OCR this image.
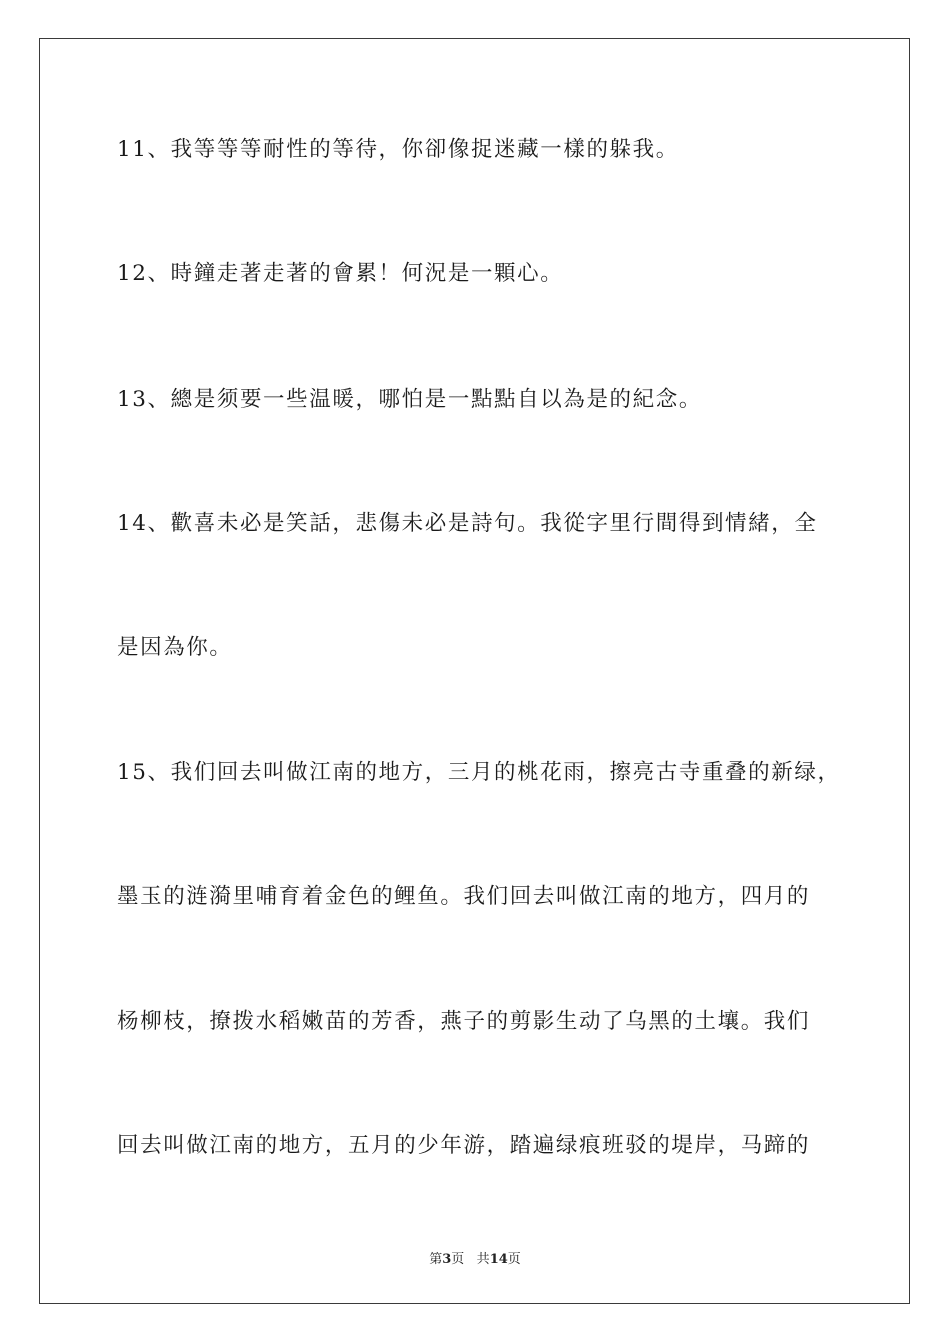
11、我等等等耐性的等待，你卻像捉迷藏一樣的躲我。
12、時鐘走著走著的會累！何況是一顆心。
13、總是须要一些温暖，哪怕是一點點自以為是的紀念。
14、歡喜未必是笑話，悲傷未必是詩句。我從字里行間得到情緒，全
是因為你。
15、我们回去叫做江南的地方，三月的桃花雨，擦亮古寺重叠的新绿，
墨玉的涟漪里哺育着金色的鲤鱼。我们回去叫做江南的地方，四月的
杨柳枝，撩拨水稻嫩苗的芳香，燕子的剪影生动了乌黑的土壤。我们
回去叫做江南的地方，五月的少年游，踏遍绿痕班驳的堤岸，马蹄的
第3页 共14页
